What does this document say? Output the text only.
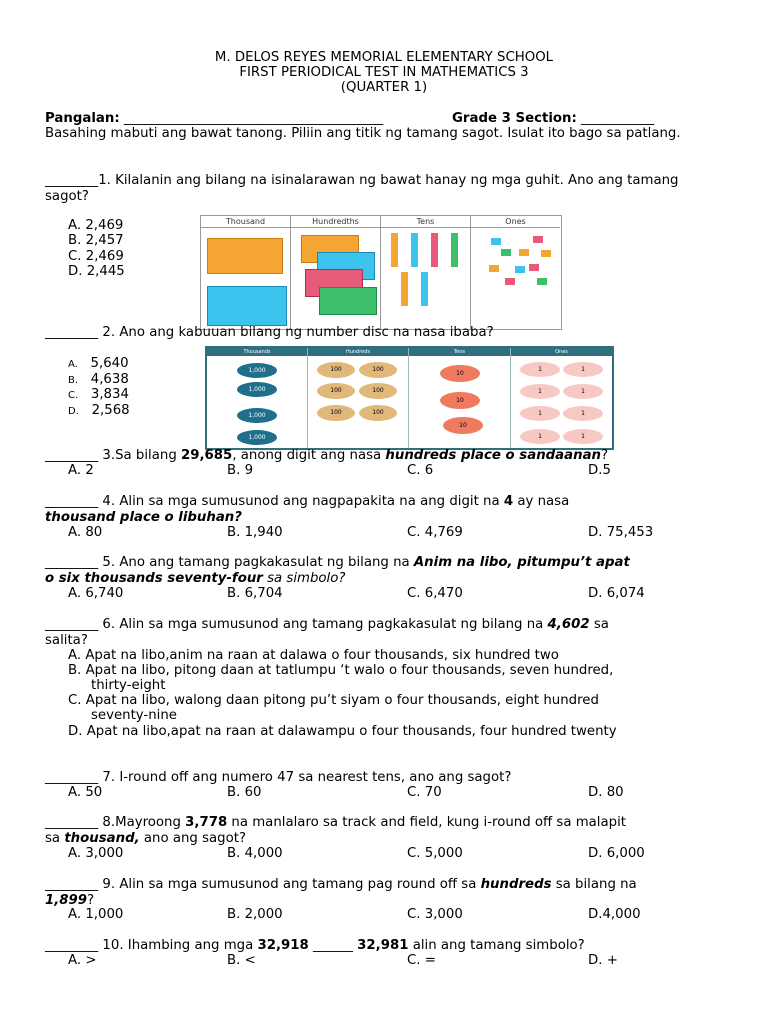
M. DELOS REYES MEMORIAL ELEMENTARY SCHOOL
FIRST PERIODICAL TEST IN MATHEMATICS 3
(QUARTER 1)
Pangalan: _______________________________________	Grade 3 Section: ___________
Basahing mabuti ang bawat tanong. Piliin ang titik ng tamang sagot. Isulat ito bago sa patlang.
________1. Kilalanin ang bilang na isinalarawan ng bawat hanay ng mga guhit. Ano ang tamang sagot?
A. 2,469
B. 2,457
C. 2,469
D. 2,445
Thousand	Hundredths	Tens	Ones
________ 2. Ano ang kabuuan bilang ng number disc na nasa ibaba?
A. 5,640
B. 4,638
C. 3,834
D. 2,568
Thousands	Hundreds	Tens	Ones
1,000
1,000
1,000
1,000
100	100
100	100
100	100
10
10
10
1	1
1	1
1	1
1	1
________ 3.Sa bilang 29,685, anong digit ang nasa hundreds place o sandaanan?
A. 2	B. 9	C. 6	D.5
________ 4. Alin sa mga sumusunod ang nagpapakita na ang digit na 4 ay nasa
thousand place o libuhan?
A. 80	B. 1,940	C. 4,769	D. 75,453
________ 5. Ano ang tamang pagkakasulat ng bilang na Anim na libo, pitumpu’t apat
o six thousands seventy-four sa simbolo?
A. 6,740	B. 6,704	C. 6,470	D. 6,074
________ 6. Alin sa mga sumusunod ang tamang pagkakasulat ng bilang na 4,602 sa
salita?
A. Apat na libo,anim na raan at dalawa o four thousands, six hundred two
B. Apat na libo, pitong daan at tatlumpu ‘t walo o four thousands, seven hundred,
thirty-eight
C. Apat na libo, walong daan pitong pu’t siyam o four thousands, eight hundred
seventy-nine
D. Apat na libo,apat na raan at dalawampu o four thousands, four hundred twenty
________ 7. I-round off ang numero 47 sa nearest tens, ano ang sagot?
A. 50	B. 60	C. 70	D. 80
________ 8.Mayroong 3,778 na manlalaro sa track and field, kung i-round off sa malapit
sa thousand, ano ang sagot?
A. 3,000	B. 4,000	C. 5,000	D. 6,000
________ 9. Alin sa mga sumusunod ang tamang pag round off sa hundreds sa bilang na
1,899?
A. 1,000	B. 2,000	C. 3,000	D.4,000
________ 10. Ihambing ang mga 32,918 ______ 32,981 alin ang tamang simbolo?
A. >	B. <	C. =	D. +
